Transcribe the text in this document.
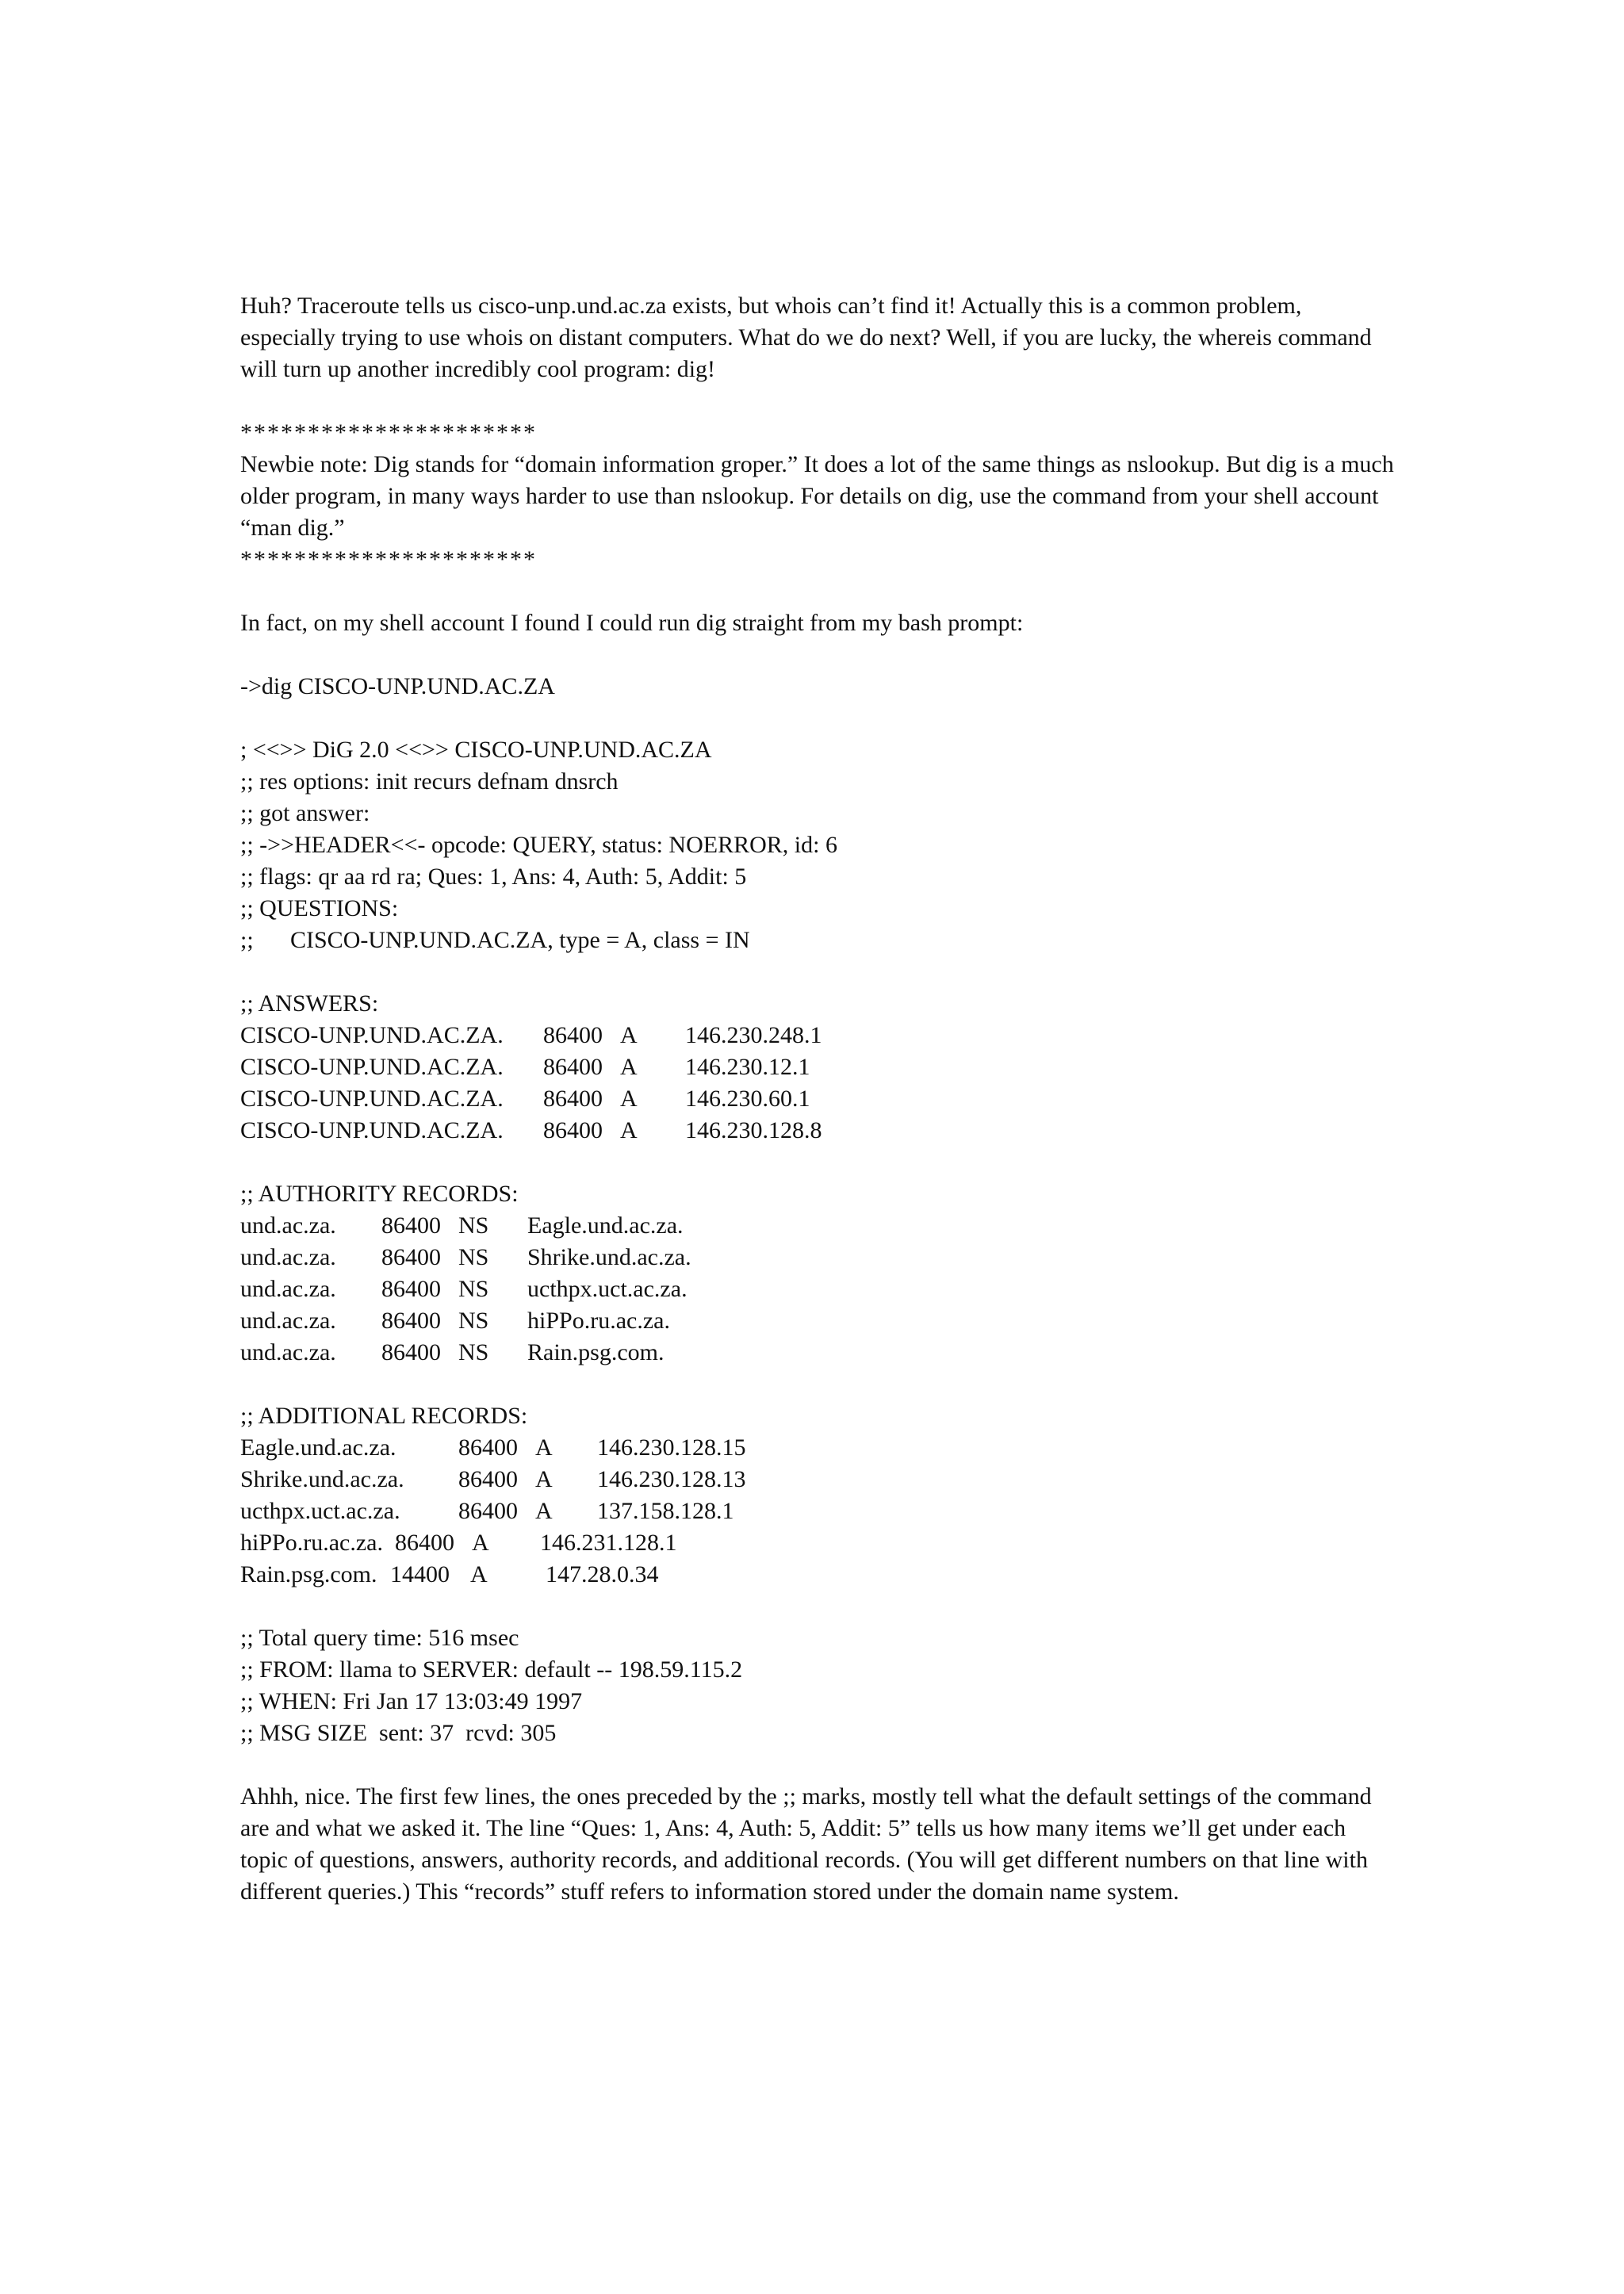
Huh? Traceroute tells us cisco-unp.und.ac.za exists, but whois can’t find it! Actually this is a common problem, especially trying to use whois on distant computers. What do we do next? Well, if you are lucky, the whereis command will turn up another incredibly cool program: dig!

**********************

Newbie note: Dig stands for “domain information groper.” It does a lot of the same things as nslookup. But dig is a much older program, in many ways harder to use than nslookup. For details on dig, use the command from your shell account “man dig.”

**********************

In fact, on my shell account I found I could run dig straight from my bash prompt:

->dig CISCO-UNP.UND.AC.ZA
; <<>> DiG 2.0 <<>> CISCO-UNP.UND.AC.ZA
;; res options: init recurs defnam dnsrch
;; got answer:
;; ->>HEADER<<- opcode: QUERY, status: NOERROR, id: 6
;; flags: qr aa rd ra; Ques: 1, Ans: 4, Auth: 5, Addit: 5
;; QUESTIONS:
;; CISCO-UNP.UND.AC.ZA, type = A, class = IN
;; ANSWERS:
CISCO-UNP.UND.AC.ZA. 86400 A 146.230.248.1
CISCO-UNP.UND.AC.ZA. 86400 A 146.230.12.1
CISCO-UNP.UND.AC.ZA. 86400 A 146.230.60.1
CISCO-UNP.UND.AC.ZA. 86400 A 146.230.128.8
;; AUTHORITY RECORDS:
und.ac.za. 86400 NS Eagle.und.ac.za.
und.ac.za. 86400 NS Shrike.und.ac.za.
und.ac.za. 86400 NS ucthpx.uct.ac.za.
und.ac.za. 86400 NS hiPPo.ru.ac.za.
und.ac.za. 86400 NS Rain.psg.com.
;; ADDITIONAL RECORDS:
Eagle.und.ac.za.	86400 A 146.230.128.15
Shrike.und.ac.za. 86400 A 146.230.128.13
ucthpx.uct.ac.za. 86400 A 137.158.128.1
hiPPo.ru.ac.za. 86400 A 146.231.128.1
Rain.psg.com. 14400 A 147.28.0.34
;; Total query time: 516 msec
;; FROM: llama to SERVER: default -- 198.59.115.2
;; WHEN: Fri Jan 17 13:03:49 1997
;; MSG SIZE  sent: 37  rcvd: 305

Ahhh, nice. The first few lines, the ones preceded by the ;; marks, mostly tell what the default settings of the command are and what we asked it. The line “Ques: 1, Ans: 4, Auth: 5, Addit: 5” tells us how many items we’ll get under each topic of questions, answers, authority records, and additional records. (You will get different numbers on that line with different queries.) This “records” stuff refers to information stored under the domain name system.
